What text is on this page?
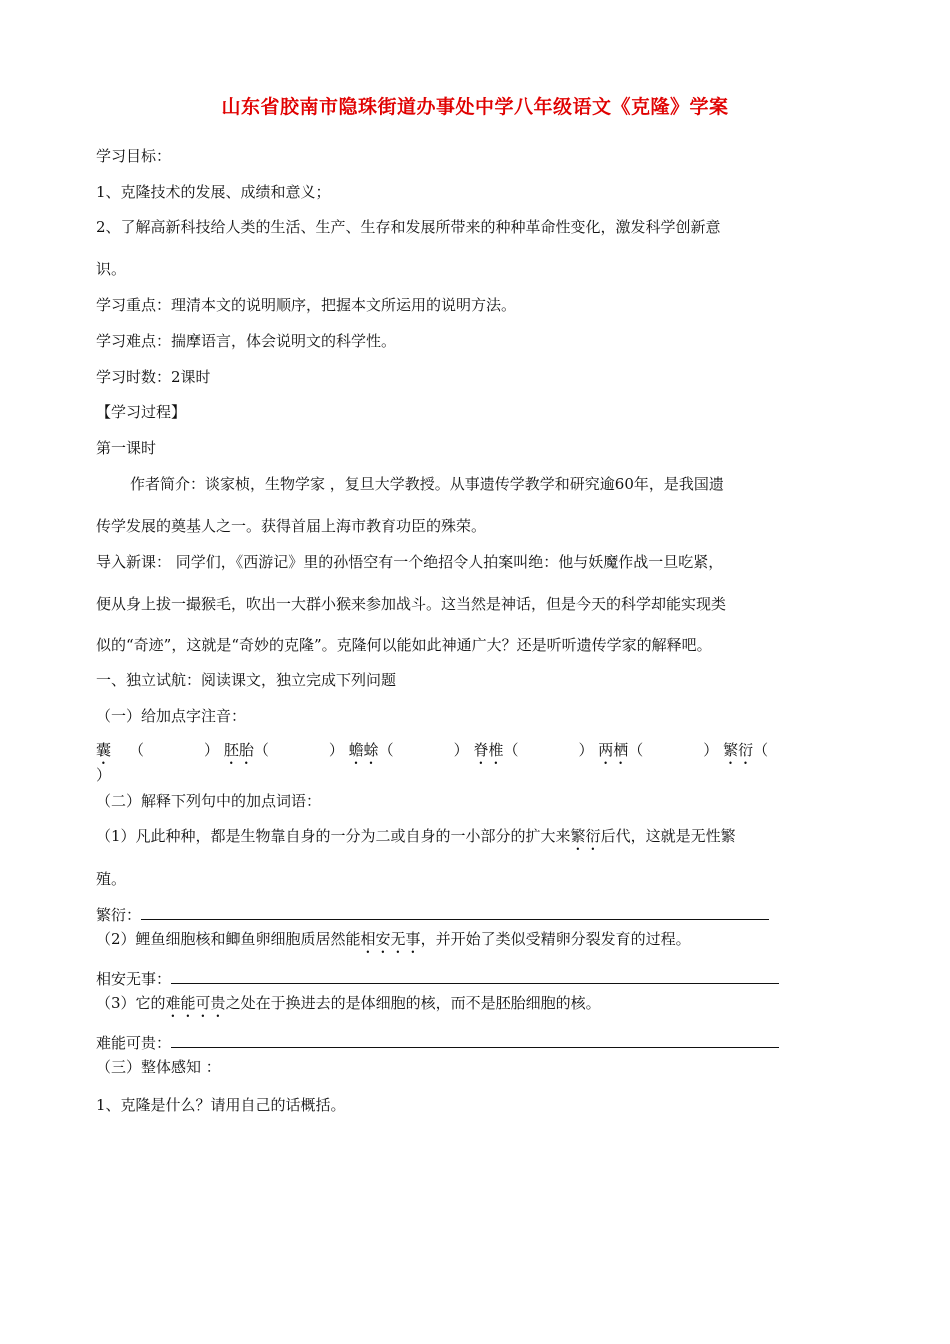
山东省胶南市隐珠街道办事处中学八年级语文《克隆》学案
学习目标：
1、克隆技术的发展、成绩和意义；
2、了解高新科技给人类的生活、生产、生存和发展所带来的种种革命性变化，激发科学创新意
识。
学习重点：理清本文的说明顺序，把握本文所运用的说明方法。
学习难点：揣摩语言，体会说明文的科学性。
学习时数：2课时
【学习过程】
第一课时
作者简介：谈家桢，生物学家 ，复旦大学教授。从事遗传学教学和研究逾60年，是我国遗
传学发展的奠基人之一。获得首届上海市教育功臣的殊荣。
导入新课： 同学们，《西游记》里的孙悟空有一个绝招令人拍案叫绝：他与妖魔作战一旦吃紧，
便从身上拔一撮猴毛，吹出一大群小猴来参加战斗。这当然是神话，但是今天的科学却能实现类
似的“奇迹”，这就是“奇妙的克隆”。克隆何以能如此神通广大？还是听听遗传学家的解释吧。
一、独立试航：阅读课文，独立完成下列问题
（一）给加点字注音：
囊 （　　　　） 胚胎（　　　　） 蟾蜍（　　　　） 脊椎（　　　　） 两栖（　　　　） 繁衍（
）
（二）解释下列句中的加点词语：
（1）凡此种种，都是生物靠自身的一分为二或自身的一小部分的扩大来繁衍后代，这就是无性繁
殖。
繁衍：
（2）鲤鱼细胞核和鲫鱼卵细胞质居然能相安无事，并开始了类似受精卵分裂发育的过程。
相安无事：
（3）它的难能可贵之处在于换进去的是体细胞的核，而不是胚胎细胞的核。
难能可贵：
（三）整体感知 ：
1、克隆是什么？请用自己的话概括。
